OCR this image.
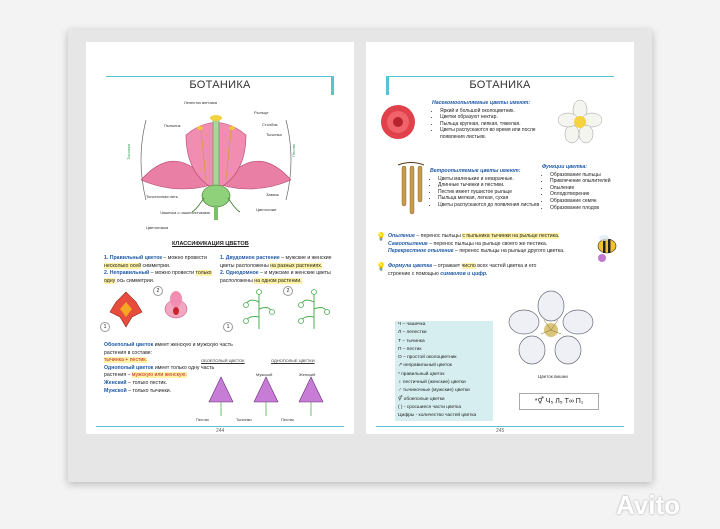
БОТАНИКА
Лепесток венчика
Рыльце
Пыльник	Столбик
Тычинка
Пестик
Тычиночная нить	Завязь
Цветоложе
Чашечка с чашелистиками
Цветоножка
Тычинка
КЛАССИФИКАЦИЯ ЦВЕТОВ
1. Правильный цветок – можно провести несколько осей симметрии.
2. Неправильный – можно провести только одну ось симметрии.
1. Двудомное растение – мужские и женские цветы расположены на разных растениях.
2. Однодомное – и мужские и женские цветы расположены на одном растении.
1
2
1
2
Обоеполый цветок имеет женскую и мужскую часть растения в составе:
тычинка + пестик.
Однополый цветок имеет только одну часть растения – мужскую или женскую:
Женский – только пестик.
Мужской – только тычинки.
ОБОЕПОЛЫЙ ЦВЕТОК	ОДНОПОЛЫЕ ЦВЕТКИ
Мужской	Женский
Пестик	Тычинки	Пестик
244
БОТАНИКА
Насекомоопыляемые цветы имеют:
• Яркий и большой околоцветник.
• Цветки образуют нектар.
• Пыльца крупная, липкая, тяжелая.
• Цветы распускаются во время или после появления листьев.
Ветроопыляемые цветы имеют:
• Цветы маленькие и невзрачные.
• Длинные тычинки и пестики.
• Пестик имеет пушистое рыльце
• Пыльца мелкая, легкая, сухая
• Цветы распускаются до появления листьев
Функции цветка:
• Образование пыльцы
• Привлечение опылителей
• Опыление
• Оплодотворение
• Образование семян
• Образование плодов
💡 Опыление – перенос пыльцы с пыльника тычинки на рыльце пестика.
Самоопыление – перенос пыльцы на рыльце своего же пестика.
Перекрестное опыление – перенос пыльцы на рыльце другого цветка.
💡 Формула цветка – отражает число всех частей цветка и его строение с помощью символов и цифр.
Ч – чашечка
Л – лепестки
Т – тычинка
П – пестик
О – простой околоцветник
↗ неправильный цветок
* правильный цветок
♀ пестичный (женские) цветки
♂ тычиночные (мужские) цветки
⚥ обоеполые цветки
( ) - сросшиеся части цветка
Цифры - количество частей цветка
Цветок вишни
*⚥ Ч₅ Л₅ Т∞ П₁
245
Avito
